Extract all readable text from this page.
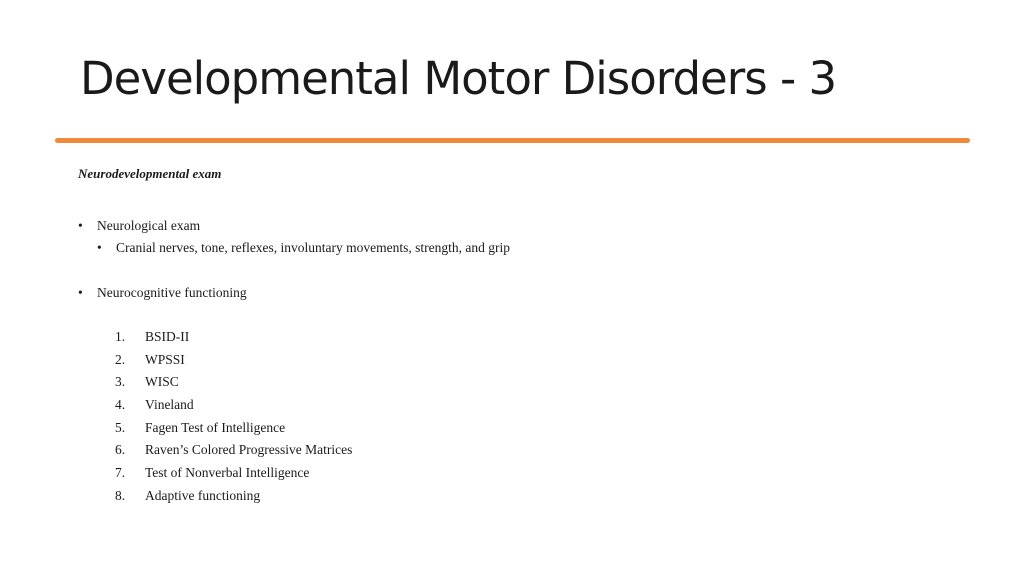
Developmental Motor Disorders - 3

Neurodevelopmental exam

• Neurological exam
• Cranial nerves, tone, reflexes, involuntary movements, strength, and grip
• Neurocognitive functioning
1. BSID-II
2. WPSSI
3. WISC
4. Vineland
5. Fagen Test of Intelligence
6. Raven’s Colored Progressive Matrices
7. Test of Nonverbal Intelligence
8. Adaptive functioning
